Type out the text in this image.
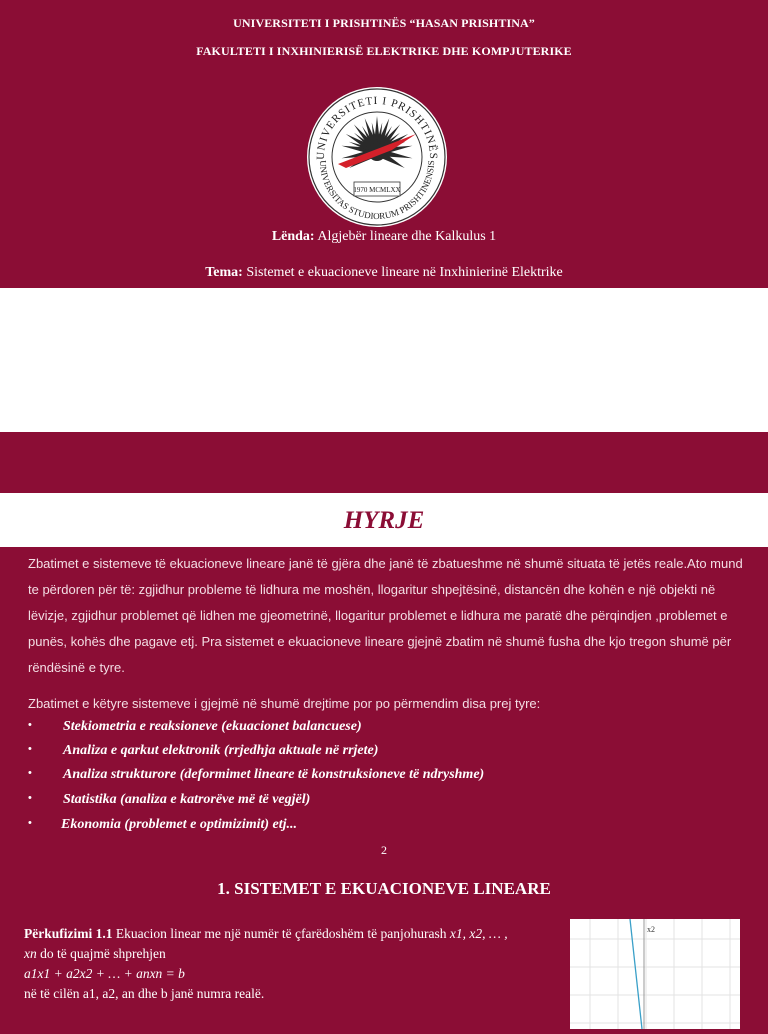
UNIVERSITETI I PRISHTINËS “HASAN PRISHTINA”
FAKULTETI I INXHINIERISË ELEKTRIKE DHE KOMPJUTERIKE
UNIVERSITETI I PRISHTINËS
UNIVERSITAS STUDIORUM PRISHTINENSIS
1970 MCMLXX
Lënda: Algjebër lineare dhe Kalkulus 1
Tema: Sistemet e ekuacioneve lineare në Inxhinierinë Elektrike
HYRJE
Zbatimet e sistemeve të ekuacioneve lineare janë të gjëra dhe janë të zbatueshme në shumë situata të jetës reale.Ato mund te përdoren për të: zgjidhur probleme të lidhura me moshën, llogaritur shpejtësinë, distancën dhe kohën e një objekti në lëvizje, zgjidhur problemet që lidhen me gjeometrinë, llogaritur problemet e lidhura me paratë dhe përqindjen ,problemet e punës, kohës dhe pagave etj. Pra sistemet e ekuacioneve lineare gjejnë zbatim në shumë fusha dhe kjo tregon shumë për rëndësinë e tyre.
Zbatimet e këtyre sistemeve i gjejmë në shumë drejtime por po përmendim disa prej tyre:
• Stekiometria e reaksioneve (ekuacionet balancuese)
• Analiza e qarkut elektronik (rrjedhja aktuale në rrjete)
• Analiza strukturore (deformimet lineare të konstruksioneve të ndryshme)
• Statistika (analiza e katrorëve më të vegjël)
• Ekonomia (problemet e optimizimit) etj...
2
1. SISTEMET E EKUACIONEVE LINEARE
Përkufizimi 1.1 Ekuacion linear me një numër të çfarëdoshëm të panjohurash x1, x2, … ,
xn do të quajmë shprehjen
a1x1 + a2x2 + … + anxn = b
në të cilën a1, a2, an dhe b janë numra realë.
x2
